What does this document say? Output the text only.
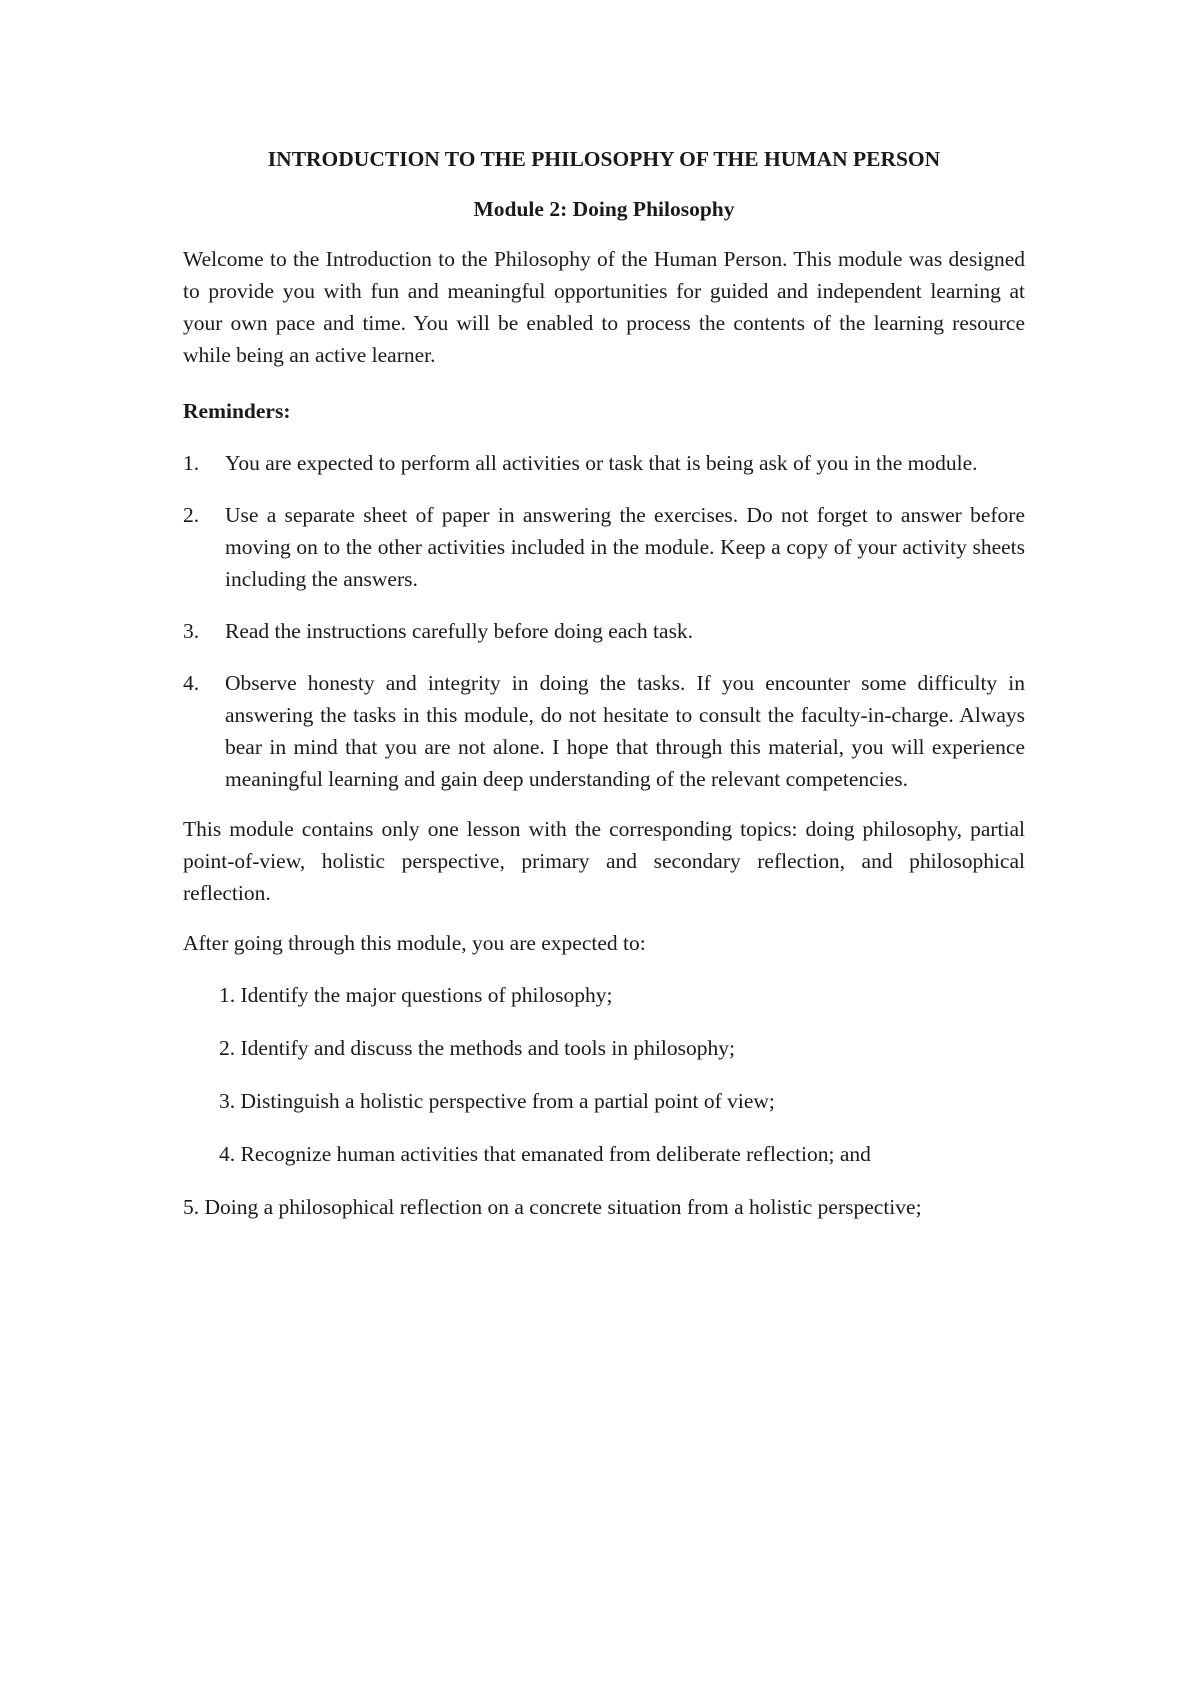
INTRODUCTION TO THE PHILOSOPHY OF THE HUMAN PERSON

Module 2: Doing Philosophy

Welcome to the Introduction to the Philosophy of the Human Person. This module was designed to provide you with fun and meaningful opportunities for guided and independent learning at your own pace and time. You will be enabled to process the contents of the learning resource while being an active learner.

Reminders:

1.	You are expected to perform all activities or task that is being ask of you in the module.
2.	Use a separate sheet of paper in answering the exercises. Do not forget to answer before moving on to the other activities included in the module. Keep a copy of your activity sheets including the answers.
3.	Read the instructions carefully before doing each task.
4.	Observe honesty and integrity in doing the tasks. If you encounter some difficulty in answering the tasks in this module, do not hesitate to consult the faculty-in-charge. Always bear in mind that you are not alone. I hope that through this material, you will experience meaningful learning and gain deep understanding of the relevant competencies.

This module contains only one lesson with the corresponding topics: doing philosophy, partial point-of-view, holistic perspective, primary and secondary reflection, and philosophical reflection.

After going through this module, you are expected to:

1. Identify the major questions of philosophy;
2. Identify and discuss the methods and tools in philosophy;
3. Distinguish a holistic perspective from a partial point of view;
4. Recognize human activities that emanated from deliberate reflection; and
5. Doing a philosophical reflection on a concrete situation from a holistic perspective;
